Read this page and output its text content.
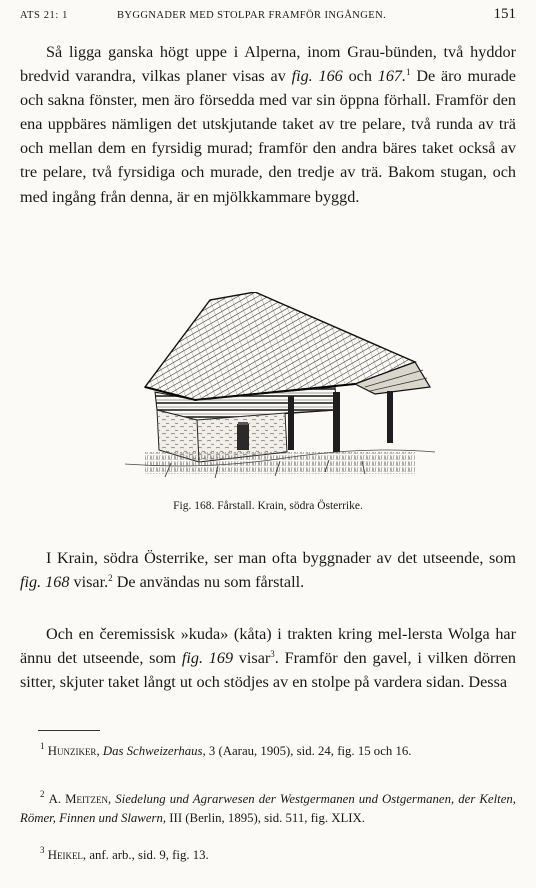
ATS 21: 1	BYGGNADER MED STOLPAR FRAMFÖR INGÅNGEN.	151

Så ligga ganska högt uppe i Alperna, inom Grau-bünden, två hyddor bredvid varandra, vilkas planer visas av fig. 166 och 167.$^1$ De äro murade och sakna fönster, men äro försedda med var sin öppna förhall. Framför den ena uppbäres nämligen det utskjutande taket av tre pelare, två runda av trä och mellan dem en fyrsidig murad; framför den andra bäres taket också av tre pelare, två fyrsidiga och murade, den tredje av trä. Bakom stugan, och med ingång från denna, är en mjölkkammare byggd.

Fig. 168. Fårstall. Krain, södra Österrike.

I Krain, södra Österrike, ser man ofta byggnader av det utseende, som fig. 168 visar.$^2$ De användas nu som fårstall.

Och en čeremissisk »kuda» (kåta) i trakten kring mel-lersta Wolga har ännu det utseende, som fig. 169 visar$^3$. Framför den gavel, i vilken dörren sitter, skjuter taket långt ut och stödjes av en stolpe på vardera sidan. Dessa

$^1$ Hunziker, Das Schweizerhaus, 3 (Aarau, 1905), sid. 24, fig. 15 och 16.

$^2$ A. Meitzen, Siedelung und Agrarwesen der Westgermanen und Ostgermanen, der Kelten, Römer, Finnen und Slawern, III (Berlin, 1895), sid. 511, fig. XLIX.

$^3$ Heikel, anf. arb., sid. 9, fig. 13.
